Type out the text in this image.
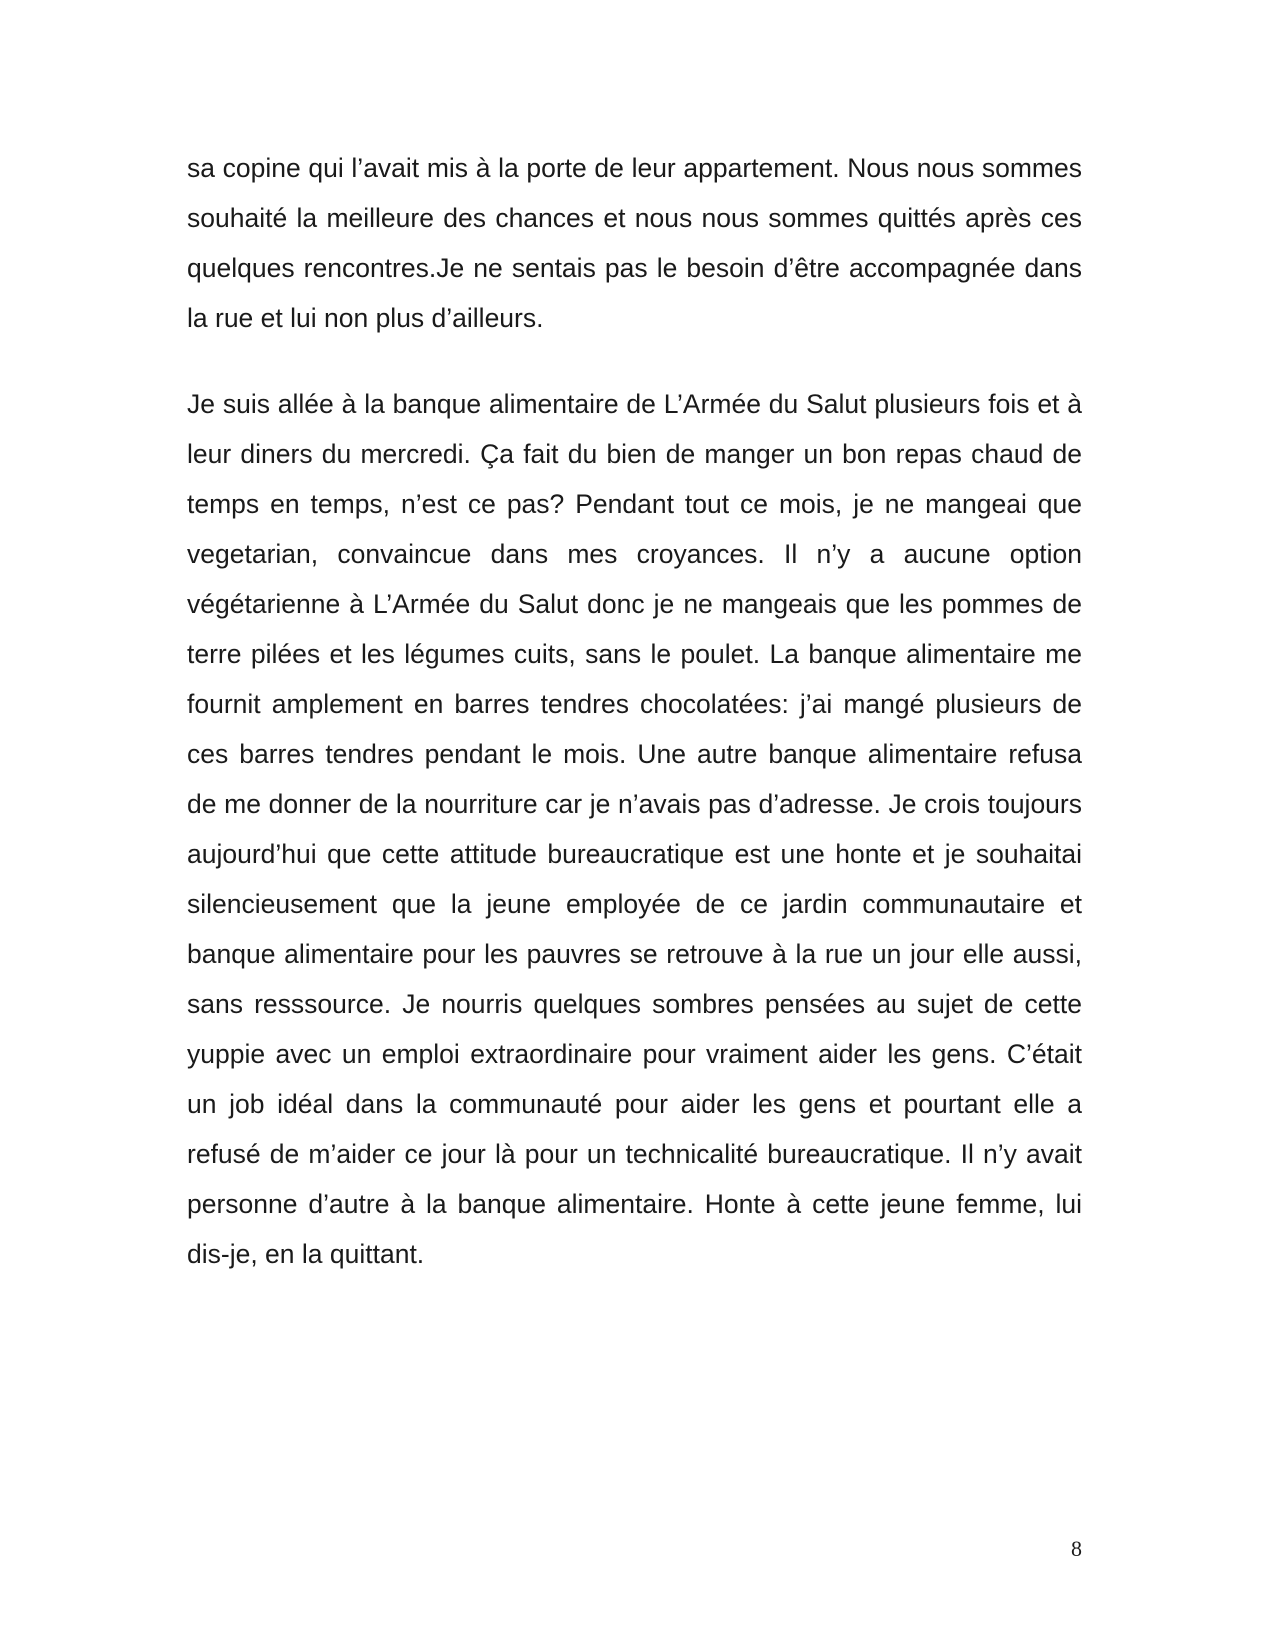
sa copine qui l’avait mis à la porte de leur appartement. Nous nous sommes souhaité la meilleure des chances et nous nous sommes quittés après ces quelques rencontres.Je ne sentais pas le besoin d’être accompagnée dans la rue et lui non plus d’ailleurs.

Je suis allée à la banque alimentaire de L’Armée du Salut plusieurs fois et à leur diners du mercredi. Ça fait du bien de manger un bon repas chaud de temps en temps, n’est ce pas? Pendant tout ce mois, je ne mangeai que vegetarian, convaincue dans mes croyances. Il n’y a aucune option végétarienne à L’Armée du Salut donc je ne mangeais que les pommes de terre pilées et les légumes cuits, sans le poulet. La banque alimentaire me fournit amplement en barres tendres chocolatées: j’ai mangé plusieurs de ces barres tendres pendant le mois. Une autre banque alimentaire refusa de me donner de la nourriture car je n’avais pas d’adresse. Je crois toujours aujourd’hui que cette attitude bureaucratique est une honte et je souhaitai silencieusement que la jeune employée de ce jardin communautaire et banque alimentaire pour les pauvres se retrouve à la rue un jour elle aussi, sans resssource. Je nourris quelques sombres pensées au sujet de cette yuppie avec un emploi extraordinaire pour vraiment aider les gens. C’était un job idéal dans la communauté pour aider les gens et pourtant elle a refusé de m’aider ce jour là pour un technicalité bureaucratique. Il n’y avait personne d’autre à la banque alimentaire. Honte à cette jeune femme, lui dis-je, en la quittant.

8
